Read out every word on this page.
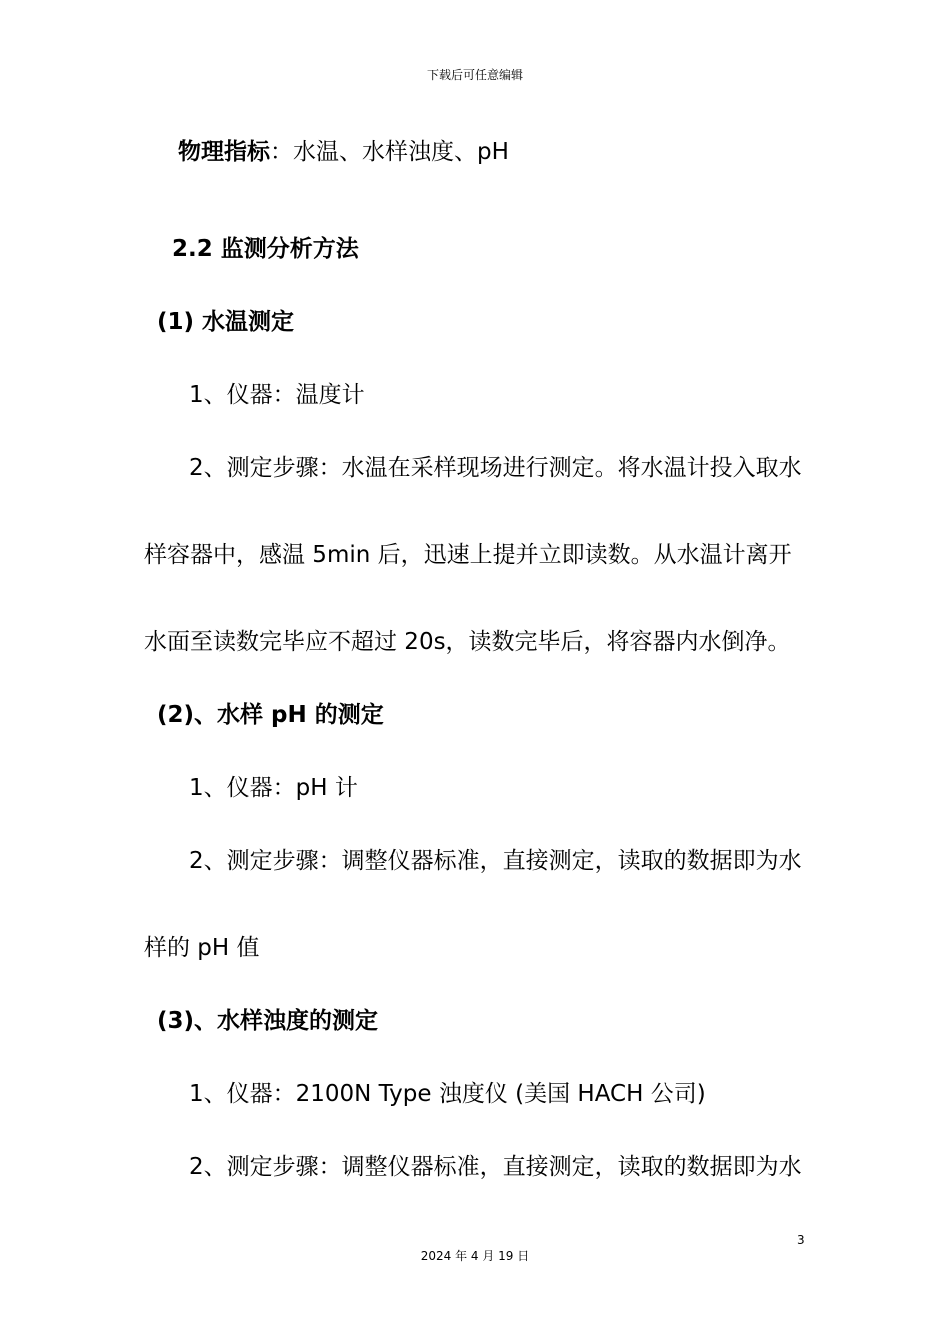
下载后可任意编辑
物理指标：水温、水样浊度、pH
2.2 监测分析方法
(1) 水温测定
1、仪器：温度计
2、测定步骤：水温在采样现场进行测定。将水温计投入取水
样容器中，感温 5min 后，迅速上提并立即读数。从水温计离开
水面至读数完毕应不超过 20s，读数完毕后，将容器内水倒净。
(2)、水样 pH 的测定
1、仪器：pH 计
2、测定步骤：调整仪器标准，直接测定，读取的数据即为水
样的 pH 值
(3)、水样浊度的测定
1、仪器：2100N Type 浊度仪 (美国 HACH 公司)
2、测定步骤：调整仪器标准，直接测定，读取的数据即为水
3
2024 年 4 月 19 日
